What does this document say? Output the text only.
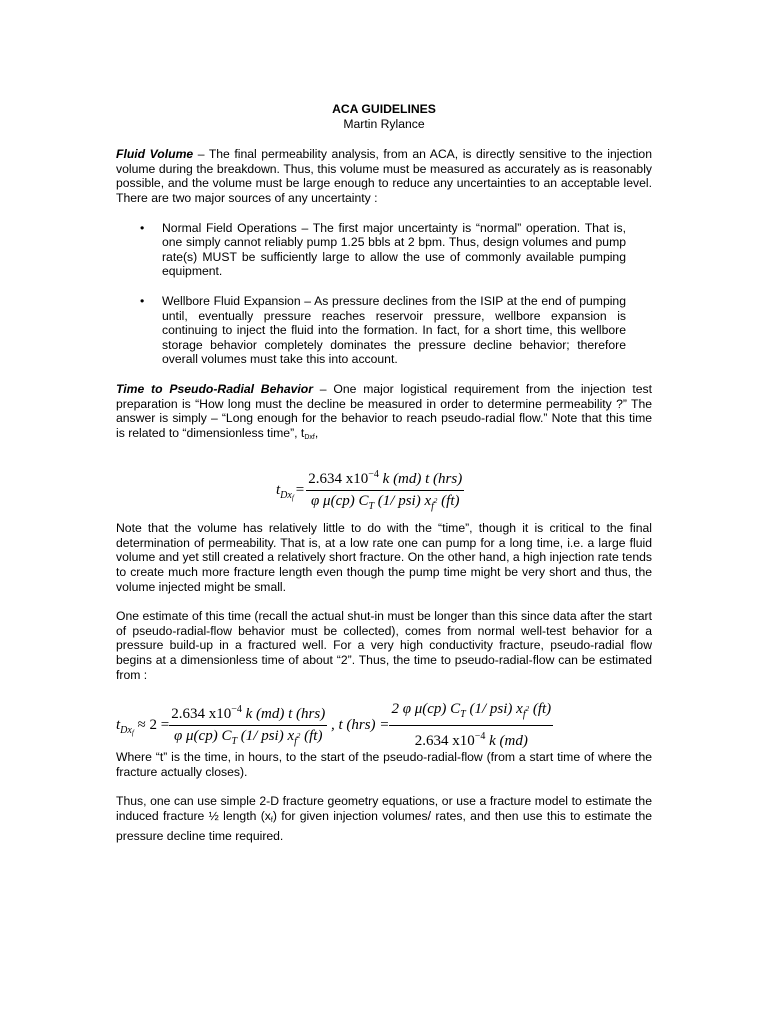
ACA GUIDELINES

Martin Rylance

Fluid Volume – The final permeability analysis, from an ACA, is directly sensitive to the injection volume during the breakdown. Thus, this volume must be measured as accurately as is reasonably possible, and the volume must be large enough to reduce any uncertainties to an acceptable level. There are two major sources of any uncertainty :

• Normal Field Operations – The first major uncertainty is “normal” operation. That is, one simply cannot reliably pump 1.25 bbls at 2 bpm. Thus, design volumes and pump rate(s) MUST be sufficiently large to allow the use of commonly available pumping equipment.
• Wellbore Fluid Expansion – As pressure declines from the ISIP at the end of pumping until, eventually pressure reaches reservoir pressure, wellbore expansion is continuing to inject the fluid into the formation. In fact, for a short time, this wellbore storage behavior completely dominates the pressure decline behavior; therefore overall volumes must take this into account.

Time to Pseudo-Radial Behavior – One major logistical requirement from the injection test preparation is “How long must the decline be measured in order to determine permeability ?” The answer is simply – “Long enough for the behavior to reach pseudo-radial flow.” Note that this time is related to “dimensionless time”, $t_{Dxf}$,

$t_{Dx_f} = \frac{2.634 x10^{-4} k (md) t (hrs)}{\varphi \mu(cp) C_T (1/ psi) x_f^2 (ft)}$

Note that the volume has relatively little to do with the “time”, though it is critical to the final determination of permeability. That is, at a low rate one can pump for a long time, i.e. a large fluid volume and yet still created a relatively short fracture. On the other hand, a high injection rate tends to create much more fracture length even though the pump time might be very short and thus, the volume injected might be small.

One estimate of this time (recall the actual shut-in must be longer than this since data after the start of pseudo-radial-flow behavior must be collected), comes from normal well-test behavior for a pressure build-up in a fractured well. For a very high conductivity fracture, pseudo-radial flow begins at a dimensionless time of about “2”. Thus, the time to pseudo-radial-flow can be estimated from :

$t_{Dx_f} \approx 2 = \frac{2.634 x10^{-4} k (md) t (hrs)}{\varphi \mu(cp) C_T (1/ psi) x_f^2 (ft)}$ , t $(hrs) = \frac{2 \varphi \mu(cp) C_T (1/ psi) x_f^2 (ft)}{2.634 x10^{-4} k (md)}$

Where “t” is the time, in hours, to the start of the pseudo-radial-flow (from a start time of where the fracture actually closes).

Thus, one can use simple 2-D fracture geometry equations, or use a fracture model to estimate the induced fracture ½ length $(x_f)$ for given injection volumes/ rates, and then use this to estimate the pressure decline time required.
